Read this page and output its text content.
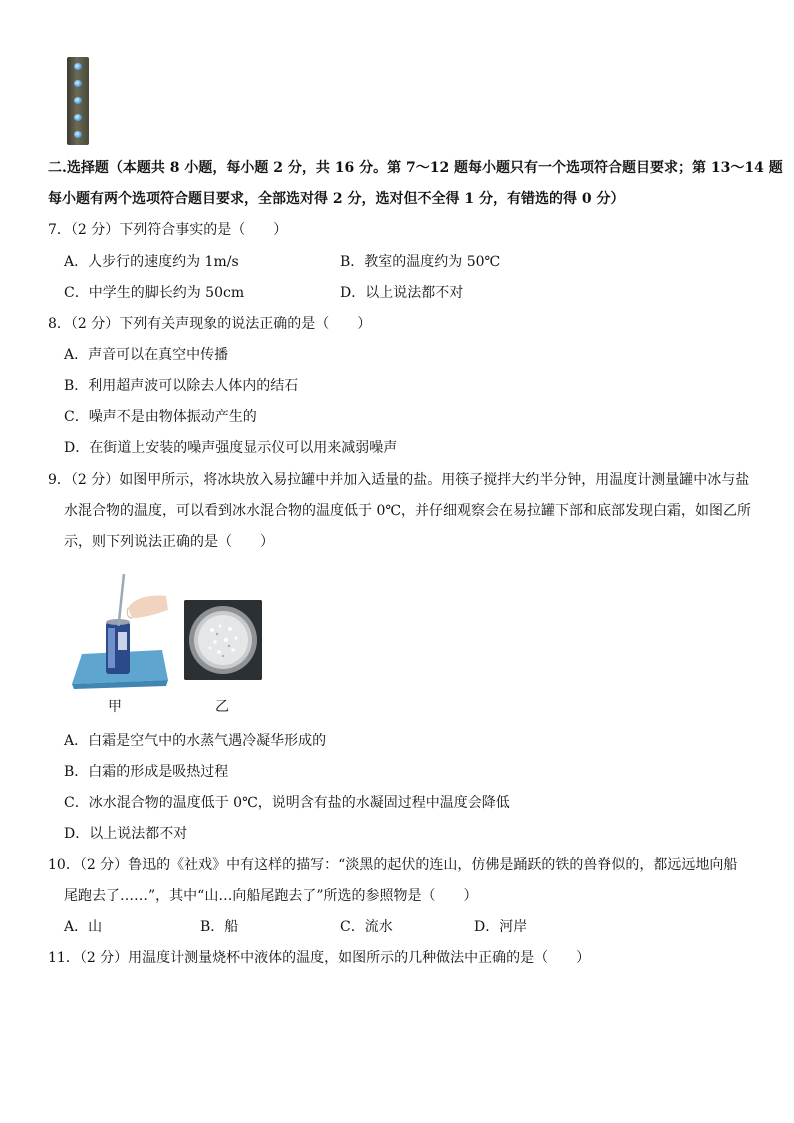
二.选择题（本题共 8 小题，每小题 2 分，共 16 分。第 7～12 题每小题只有一个选项符合题目要求；第 13～14 题
每小题有两个选项符合题目要求，全部选对得 2 分，选对但不全得 1 分，有错选的得 0 分）
7．（2 分）下列符合事实的是（　　）
A．人步行的速度约为 1m/s	B．教室的温度约为 50℃
C．中学生的脚长约为 50cm	D．以上说法都不对
8．（2 分）下列有关声现象的说法正确的是（　　）
A．声音可以在真空中传播
B．利用超声波可以除去人体内的结石
C．噪声不是由物体振动产生的
D．在街道上安装的噪声强度显示仪可以用来减弱噪声
9．（2 分）如图甲所示，将冰块放入易拉罐中并加入适量的盐。用筷子搅拌大约半分钟，用温度计测量罐中冰与盐
水混合物的温度，可以看到冰水混合物的温度低于 0℃，并仔细观察会在易拉罐下部和底部发现白霜，如图乙所
示，则下列说法正确的是（　　）
甲	乙
A．白霜是空气中的水蒸气遇冷凝华形成的
B．白霜的形成是吸热过程
C．冰水混合物的温度低于 0℃，说明含有盐的水凝固过程中温度会降低
D．以上说法都不对
10．（2 分）鲁迅的《社戏》中有这样的描写：“淡黑的起伏的连山，仿佛是踊跃的铁的兽脊似的，都远远地向船
尾跑去了……”，其中“山…向船尾跑去了”所选的参照物是（　　）
A．山	B．船	C．流水	D．河岸
11．（2 分）用温度计测量烧杯中液体的温度，如图所示的几种做法中正确的是（　　）
